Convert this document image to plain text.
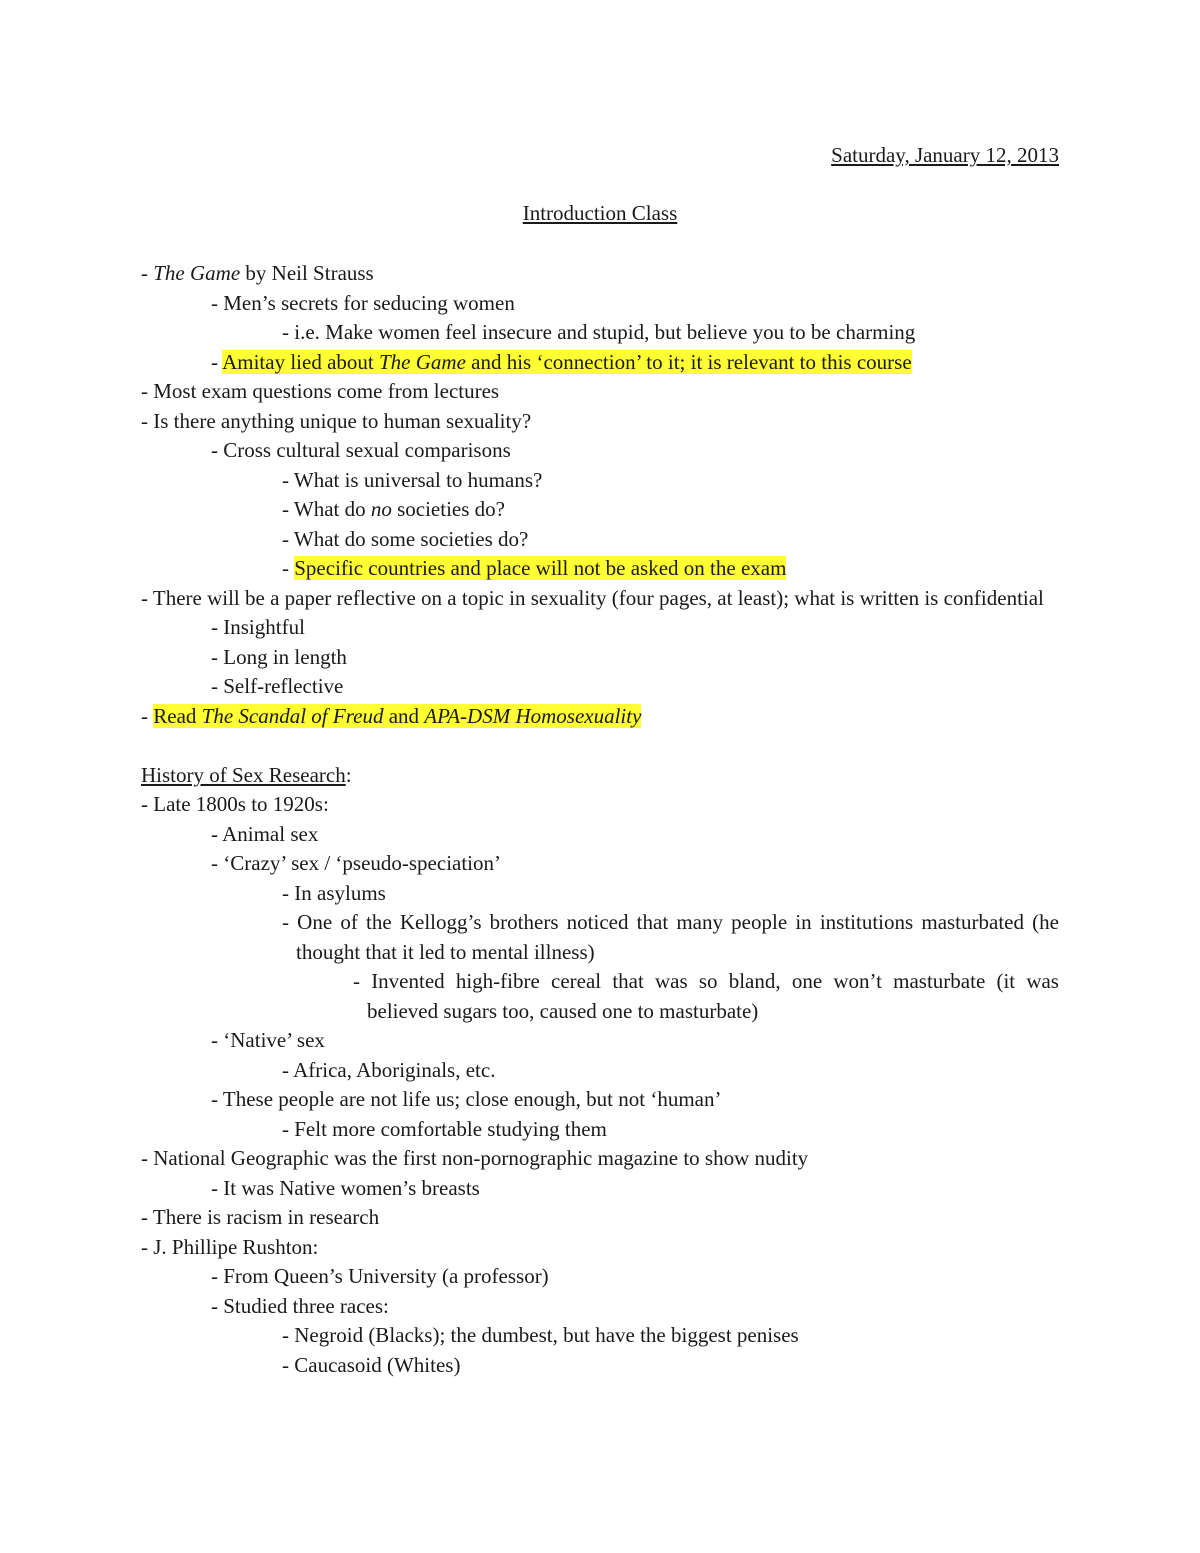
Saturday, January 12, 2013

Introduction Class

- The Game by Neil Strauss

- Men’s secrets for seducing women

- i.e. Make women feel insecure and stupid, but believe you to be charming

- Amitay lied about The Game and his ‘connection’ to it; it is relevant to this course

- Most exam questions come from lectures

- Is there anything unique to human sexuality?

- Cross cultural sexual comparisons

- What is universal to humans?

- What do no societies do?

- What do some societies do?

- Specific countries and place will not be asked on the exam

- There will be a paper reflective on a topic in sexuality (four pages, at least); what is written is confidential

- Insightful

- Long in length

- Self-reflective

- Read The Scandal of Freud and APA-DSM Homosexuality

History of Sex Research:

- Late 1800s to 1920s:

- Animal sex

- ‘Crazy’ sex / ‘pseudo-speciation’

- In asylums

- One of the Kellogg’s brothers noticed that many people in institutions masturbated (he thought that it led to mental illness)

- Invented high-fibre cereal that was so bland, one won’t masturbate (it was believed sugars too, caused one to masturbate)

- ‘Native’ sex

- Africa, Aboriginals, etc.

- These people are not life us; close enough, but not ‘human’

- Felt more comfortable studying them

- National Geographic was the first non-pornographic magazine to show nudity

- It was Native women’s breasts

- There is racism in research

- J. Phillipe Rushton:

- From Queen’s University (a professor)

- Studied three races:

- Negroid (Blacks); the dumbest, but have the biggest penises

- Caucasoid (Whites)
